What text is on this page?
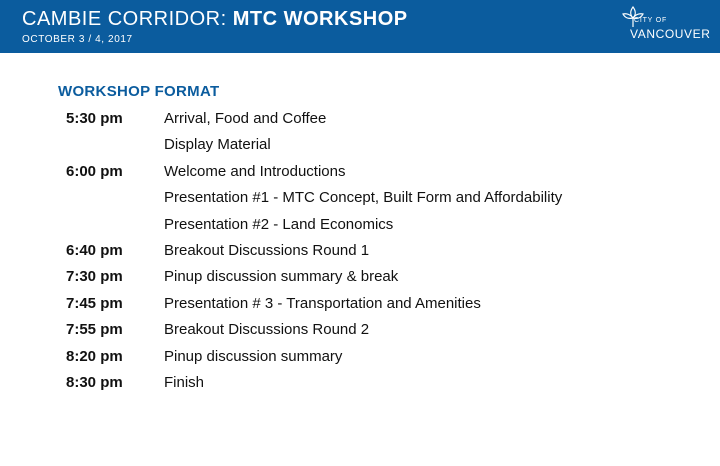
CAMBIE CORRIDOR: MTC WORKSHOP
OCTOBER 3 / 4, 2017
CITY OF
VANCOUVER
WORKSHOP FORMAT
5:30 pm	Arrival, Food and Coffee
Display Material
6:00 pm	Welcome and Introductions
Presentation #1 - MTC Concept, Built Form and Affordability
Presentation #2 - Land Economics
6:40 pm	Breakout Discussions Round 1
7:30 pm	Pinup discussion summary & break
7:45 pm	Presentation # 3 - Transportation and Amenities
7:55 pm	Breakout Discussions Round 2
8:20 pm	Pinup discussion summary
8:30 pm	Finish
